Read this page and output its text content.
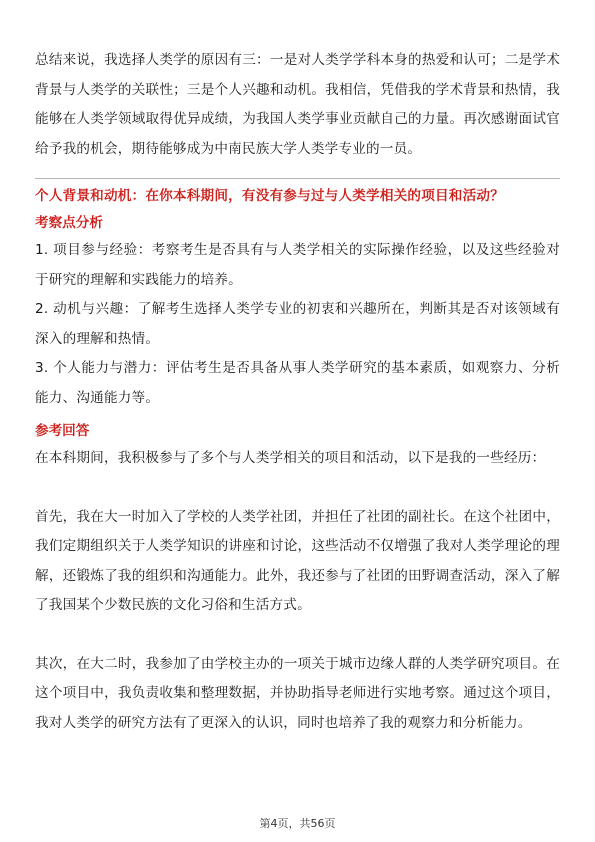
总结来说，我选择人类学的原因有三：一是对人类学学科本身的热爱和认可；二是学术背景与人类学的关联性；三是个人兴趣和动机。我相信，凭借我的学术背景和热情，我能够在人类学领域取得优异成绩，为我国人类学事业贡献自己的力量。再次感谢面试官给予我的机会，期待能够成为中南民族大学人类学专业的一员。

个人背景和动机：在你本科期间，有没有参与过与人类学相关的项目和活动？

考察点分析

1. 项目参与经验：考察考生是否具有与人类学相关的实际操作经验，以及这些经验对于研究的理解和实践能力的培养。

2. 动机与兴趣：了解考生选择人类学专业的初衷和兴趣所在，判断其是否对该领域有深入的理解和热情。

3. 个人能力与潜力：评估考生是否具备从事人类学研究的基本素质，如观察力、分析能力、沟通能力等。

参考回答

在本科期间，我积极参与了多个与人类学相关的项目和活动，以下是我的一些经历：

首先，我在大一时加入了学校的人类学社团，并担任了社团的副社长。在这个社团中，我们定期组织关于人类学知识的讲座和讨论，这些活动不仅增强了我对人类学理论的理解，还锻炼了我的组织和沟通能力。此外，我还参与了社团的田野调查活动，深入了解了我国某个少数民族的文化习俗和生活方式。

其次，在大二时，我参加了由学校主办的一项关于城市边缘人群的人类学研究项目。在这个项目中，我负责收集和整理数据，并协助指导老师进行实地考察。通过这个项目，我对人类学的研究方法有了更深入的认识，同时也培养了我的观察力和分析能力。

第4页，共56页
